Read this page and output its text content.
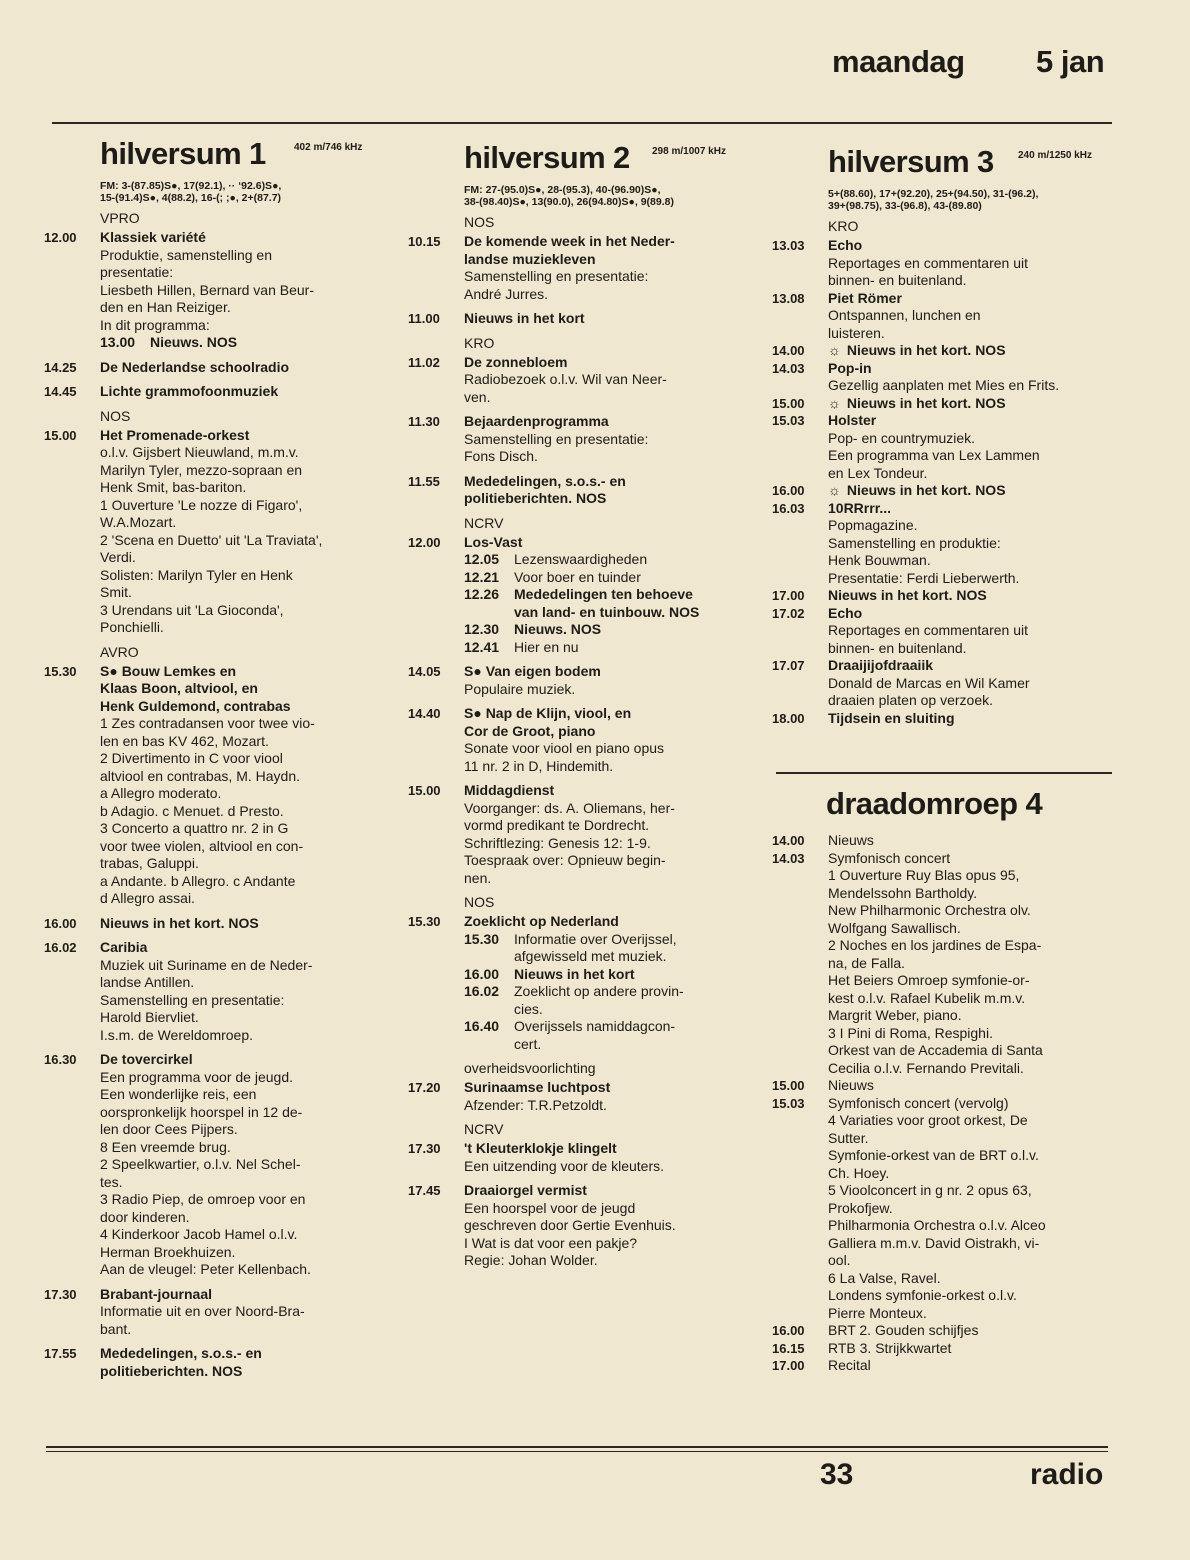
maandag 5 jan
hilversum 1	402 m/746 kHz
FM: 3-(87.85)S●, 17(92.1), ·· ‘92.6)S●,
15-(91.4)S●, 4(88.2), 16-(; ;●, 2+(87.7)
VPRO
12.00 Klassiek variété
Produktie, samenstelling en
presentatie:
Liesbeth Hillen, Bernard van Beur-
den en Han Reiziger.
In dit programma:
13.00 Nieuws. NOS
14.25 De Nederlandse schoolradio
14.45 Lichte grammofoonmuziek
NOS
15.00 Het Promenade-orkest
o.l.v. Gijsbert Nieuwland, m.m.v.
Marilyn Tyler, mezzo-sopraan en
Henk Smit, bas-bariton.
1 Ouverture 'Le nozze di Figaro',
W.A.Mozart.
2 'Scena en Duetto' uit 'La Traviata',
Verdi.
Solisten: Marilyn Tyler en Henk
Smit.
3 Urendans uit 'La Gioconda',
Ponchielli.
AVRO
15.30 S● Bouw Lemkes en
Klaas Boon, altviool, en
Henk Guldemond, contrabas
1 Zes contradansen voor twee vio-
len en bas KV 462, Mozart.
2 Divertimento in C voor viool
altviool en contrabas, M. Haydn.
a Allegro moderato.
b Adagio. c Menuet. d Presto.
3 Concerto a quattro nr. 2 in G
voor twee violen, altviool en con-
trabas, Galuppi.
a Andante. b Allegro. c Andante
d Allegro assai.
16.00 Nieuws in het kort. NOS
16.02 Caribia
Muziek uit Suriname en de Neder-
landse Antillen.
Samenstelling en presentatie:
Harold Biervliet.
I.s.m. de Wereldomroep.
16.30 De tovercirkel
Een programma voor de jeugd.
Een wonderlijke reis, een
oorspronkelijk hoorspel in 12 de-
len door Cees Pijpers.
8 Een vreemde brug.
2 Speelkwartier, o.l.v. Nel Schel-
tes.
3 Radio Piep, de omroep voor en
door kinderen.
4 Kinderkoor Jacob Hamel o.l.v.
Herman Broekhuizen.
Aan de vleugel: Peter Kellenbach.
17.30 Brabant-journaal
Informatie uit en over Noord-Bra-
bant.
17.55 Mededelingen, s.o.s.- en
politieberichten. NOS
hilversum 2 298 m/1007 kHz
FM: 27-(95.0)S●, 28-(95.3), 40-(96.90)S●,
38-(98.40)S●, 13(90.0), 26(94.80)S●, 9(89.8)
NOS
10.15 De komende week in het Neder-
landse muziekleven
Samenstelling en presentatie:
André Jurres.
11.00 Nieuws in het kort
KRO
11.02 De zonnebloem
Radiobezoek o.l.v. Wil van Neer-
ven.
11.30 Bejaardenprogramma
Samenstelling en presentatie:
Fons Disch.
11.55 Mededelingen, s.o.s.- en
politieberichten. NOS
NCRV
12.00 Los-Vast
12.05 Lezenswaardigheden
12.21 Voor boer en tuinder
12.26 Mededelingen ten behoeve
van land- en tuinbouw. NOS
12.30 Nieuws. NOS
12.41 Hier en nu
14.05 S● Van eigen bodem
Populaire muziek.
14.40 S● Nap de Klijn, viool, en
Cor de Groot, piano
Sonate voor viool en piano opus
11 nr. 2 in D, Hindemith.
15.00 Middagdienst
Voorganger: ds. A. Oliemans, her-
vormd predikant te Dordrecht.
Schriftlezing: Genesis 12: 1-9.
Toespraak over: Opnieuw begin-
nen.
NOS
15.30 Zoeklicht op Nederland
15.30 Informatie over Overijssel,
afgewisseld met muziek.
16.00 Nieuws in het kort
16.02 Zoeklicht op andere provin-
cies.
16.40 Overijssels namiddagcon-
cert.
overheidsvoorlichting
17.20 Surinaamse luchtpost
Afzender: T.R.Petzoldt.
NCRV
17.30 't Kleuterklokje klingelt
Een uitzending voor de kleuters.
17.45 Draaiorgel vermist
Een hoorspel voor de jeugd
geschreven door Gertie Evenhuis.
I Wat is dat voor een pakje?
Regie: Johan Wolder.
hilversum 3 240 m/1250 kHz
5+(88.60), 17+(92.20), 25+(94.50), 31-(96.2),
39+(98.75), 33-(96.8), 43-(89.80)
KRO
13.03 Echo
Reportages en commentaren uit
binnen- en buitenland.
13.08 Piet Römer
Ontspannen, lunchen en
luisteren.
14.00 ☼ Nieuws in het kort. NOS
14.03 Pop-in
Gezellig aanplaten met Mies en Frits.
15.00 ☼ Nieuws in het kort. NOS
15.03 Holster
Pop- en countrymuziek.
Een programma van Lex Lammen
en Lex Tondeur.
16.00 ☼ Nieuws in het kort. NOS
16.03 10RRrrr...
Popmagazine.
Samenstelling en produktie:
Henk Bouwman.
Presentatie: Ferdi Lieberwerth.
17.00 Nieuws in het kort. NOS
17.02 Echo
Reportages en commentaren uit
binnen- en buitenland.
17.07 Draaijijofdraaiik
Donald de Marcas en Wil Kamer
draaien platen op verzoek.
18.00 Tijdsein en sluiting
draadomroep 4
14.00 Nieuws
14.03 Symfonisch concert
1 Ouverture Ruy Blas opus 95,
Mendelssohn Bartholdy.
New Philharmonic Orchestra olv.
Wolfgang Sawallisch.
2 Noches en los jardines de Espa-
na, de Falla.
Het Beiers Omroep symfonie-or-
kest o.l.v. Rafael Kubelik m.m.v.
Margrit Weber, piano.
3 I Pini di Roma, Respighi.
Orkest van de Accademia di Santa
Cecilia o.l.v. Fernando Previtali.
15.00 Nieuws
15.03 Symfonisch concert (vervolg)
4 Variaties voor groot orkest, De
Sutter.
Symfonie-orkest van de BRT o.l.v.
Ch. Hoey.
5 Vioolconcert in g nr. 2 opus 63,
Prokofjew.
Philharmonia Orchestra o.l.v. Alceo
Galliera m.m.v. David Oistrakh, vi-
ool.
6 La Valse, Ravel.
Londens symfonie-orkest o.l.v.
Pierre Monteux.
16.00 BRT 2. Gouden schijfjes
16.15 RTB 3. Strijkkwartet
17.00 Recital
33	radio
